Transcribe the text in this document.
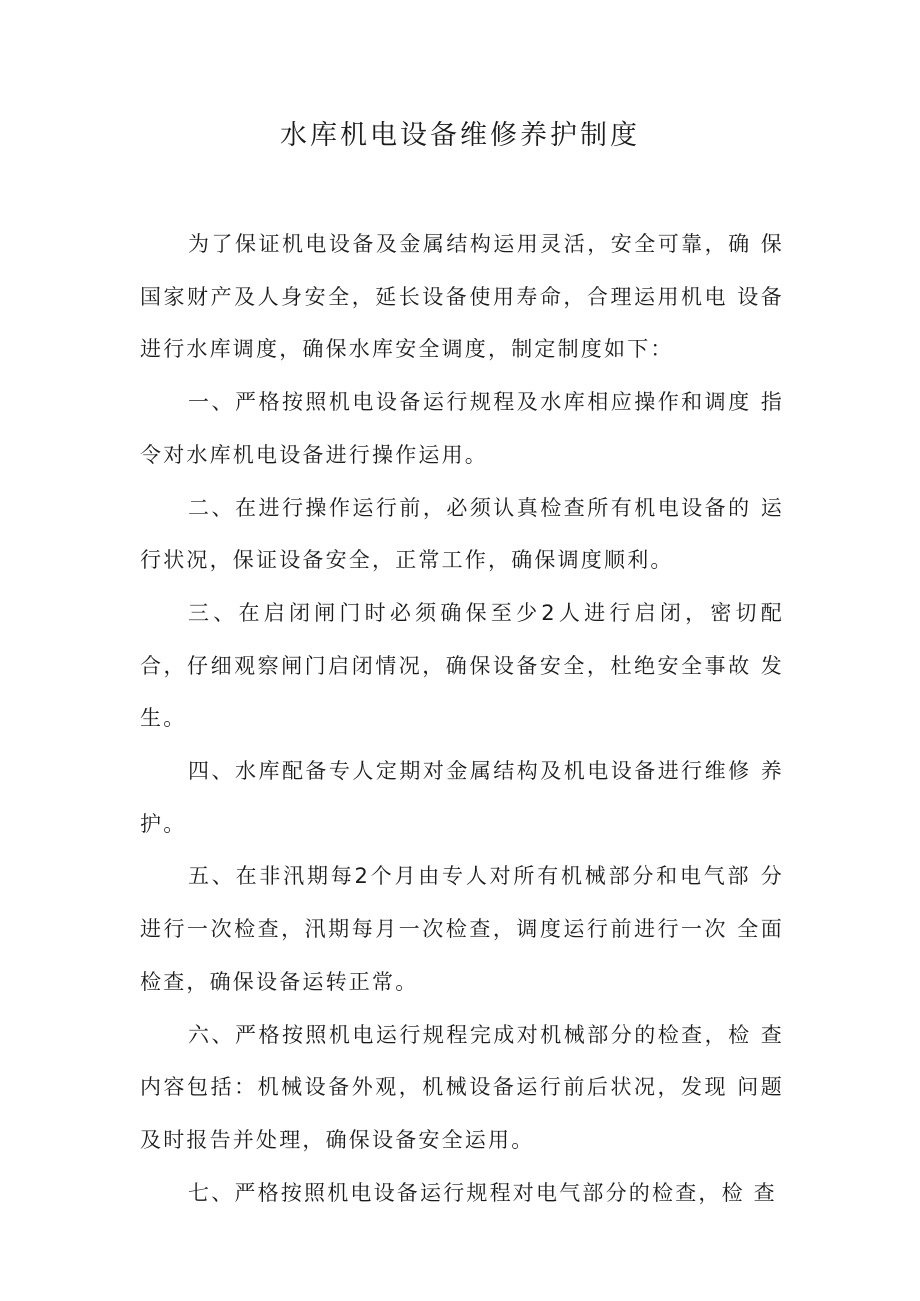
水库机电设备维修养护制度

为了保证机电设备及金属结构运用灵活，安全可靠，确 保国家财产及人身安全，延长设备使用寿命，合理运用机电 设备进行水库调度，确保水库安全调度，制定制度如下：

一、严格按照机电设备运行规程及水库相应操作和调度 指令对水库机电设备进行操作运用。

二、在进行操作运行前，必须认真检查所有机电设备的 运行状况，保证设备安全，正常工作，确保调度顺利。

三、在启闭闸门时必须确保至少2人进行启闭，密切配 合，仔细观察闸门启闭情况，确保设备安全，杜绝安全事故 发生。

四、水库配备专人定期对金属结构及机电设备进行维修 养护。

五、在非汛期每2个月由专人对所有机械部分和电气部 分进行一次检查，汛期每月一次检查，调度运行前进行一次 全面检查，确保设备运转正常。

六、严格按照机电运行规程完成对机械部分的检查，检 查内容包括：机械设备外观，机械设备运行前后状况，发现 问题及时报告并处理，确保设备安全运用。

七、严格按照机电设备运行规程对电气部分的检查，检 查
